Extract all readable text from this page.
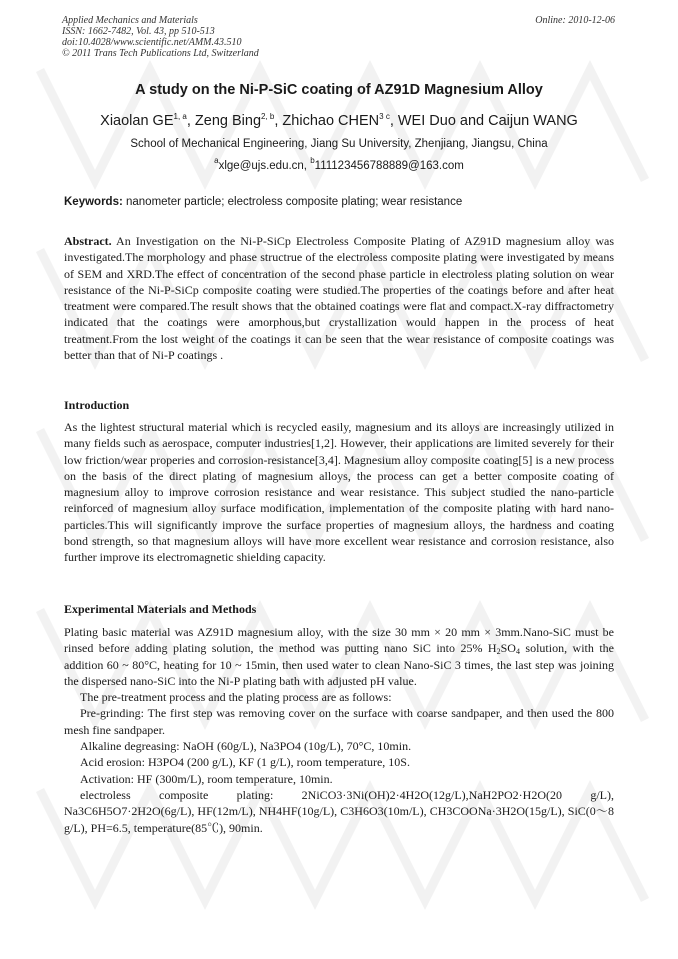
Applied Mechanics and Materials
ISSN: 1662-7482, Vol. 43, pp 510-513
doi:10.4028/www.scientific.net/AMM.43.510
© 2011 Trans Tech Publications Ltd, Switzerland
Online: 2010-12-06
A study on the Ni-P-SiC coating of AZ91D Magnesium Alloy
Xiaolan GE$^{1, a}$, Zeng Bing$^{2, b}$, Zhichao $CHEN^{3 c}$, WEI Duo and Caijun WANG
School of Mechanical Engineering, Jiang Su University, Zhenjiang, Jiangsu, China
$^a$xlge@ujs.edu.cn, $^b$111123456788889@163.com
Keywords: nanometer particle; electroless composite plating; wear resistance

Abstract. An Investigation on the Ni-P-SiCp Electroless Composite Plating of AZ91D magnesium alloy was investigated.The morphology and phase structrue of the electroless composite plating were investigated by means of SEM and XRD.The effect of concentration of the second phase particle in electroless plating solution on wear resistance of the Ni-P-SiCp composite coating were studied.The properties of the coatings before and after heat treatment were compared.The result shows that the obtained coatings were flat and compact.X-ray diffractometry indicated that the coatings were amorphous,but crystallization would happen in the process of heat treatment.From the lost weight of the coatings it can be seen that the wear resistance of composite coatings was better than that of Ni-P coatings .

Introduction

As the lightest structural material which is recycled easily, magnesium and its alloys are increasingly utilized in many fields such as aerospace, computer industries[1,2]. However, their applications are limited severely for their low friction/wear properies and corrosion-resistance[3,4]. Magnesium alloy composite coating[5] is a new process on the basis of the direct plating of magnesium alloys, the process can get a better composite coating of magnesium alloy to improve corrosion resistance and wear resistance. This subject studied the nano-particle reinforced of magnesium alloy surface modification, implementation of the composite plating with hard nano-particles.This will significantly improve the surface properties of magnesium alloys, the hardness and coating bond strength, so that magnesium alloys will have more excellent wear resistance and corrosion resistance, also further improve its electromagnetic shielding capacity.

Experimental Materials and Methods

Plating basic material was AZ91D magnesium alloy, with the size 30 mm × 20 mm × 3mm.Nano-SiC must be rinsed before adding plating solution, the method was putting nano SiC into 25% $H_2SO_4$ solution, with the addition 60 ~ 80°C, heating for 10 ~ 15min, then used water to clean Nano-SiC 3 times, the last step was joining the dispersed nano-SiC into the Ni-P plating bath with adjusted pH value.

The pre-treatment process and the plating process are as follows:

Pre-grinding: The first step was removing cover on the surface with coarse sandpaper, and then used the 800 mesh fine sandpaper.

Alkaline degreasing: NaOH (60g/L), Na3PO4 (10g/L), 70°C, 10min.

Acid erosion: H3PO4 (200 g/L), KF (1 g/L), room temperature, 10S.

Activation: HF (300m/L), room temperature, 10min.

electroless composite plating: 2NiCO3·3Ni(OH)2·4H2O(12g/L),NaH2PO2·H2O(20 g/L), Na3C6H5O7·2H2O(6g/L), HF(12m/L), NH4HF(10g/L), C3H6O3(10m/L), CH3COONa·3H2O(15g/L), SiC(0～8 g/L), PH=6.5, temperature(85℃), 90min.
